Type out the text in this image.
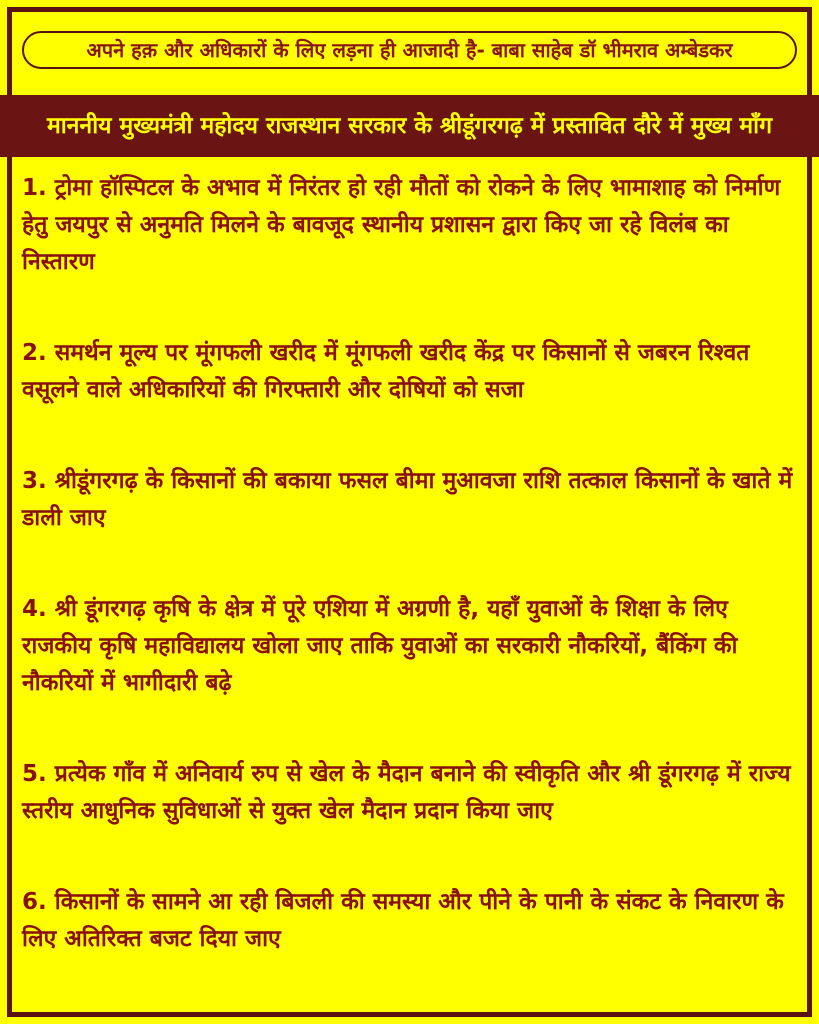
अपने हक़ और अधिकारों के लिए लड़ना ही आजादी है- बाबा साहेब डॉ भीमराव अम्बेडकर
माननीय मुख्यमंत्री महोदय राजस्थान सरकार के श्रीडूंगरगढ़ में प्रस्तावित दौरे में मुख्य माँग
1. ट्रोमा हॉस्पिटल के अभाव में निरंतर हो रही मौतों को रोकने के लिए भामाशाह को निर्माण हेतु जयपुर से अनुमति मिलने के बावजूद स्थानीय प्रशासन द्वारा किए जा रहे विलंब का निस्तारण
2. समर्थन मूल्य पर मूंगफली खरीद में मूंगफली खरीद केंद्र पर किसानों से जबरन रिश्वत वसूलने वाले अधिकारियों की गिरफ्तारी और दोषियों को सजा
3. श्रीडूंगरगढ़ के किसानों की बकाया फसल बीमा मुआवजा राशि तत्काल किसानों के खाते में डाली जाए
4. श्री डूंगरगढ़ कृषि के क्षेत्र में पूरे एशिया में अग्रणी है, यहाँ युवाओं के शिक्षा के लिए राजकीय कृषि महाविद्यालय खोला जाए ताकि युवाओं का सरकारी नौकरियों, बैंकिंग की नौकरियों में भागीदारी बढ़े
5. प्रत्येक गाँव में अनिवार्य रुप से खेल के मैदान बनाने की स्वीकृति और श्री डूंगरगढ़ में राज्य स्तरीय आधुनिक सुविधाओं से युक्त खेल मैदान प्रदान किया जाए
6. किसानों के सामने आ रही बिजली की समस्या और पीने के पानी के संकट के निवारण के लिए अतिरिक्त बजट दिया जाए
